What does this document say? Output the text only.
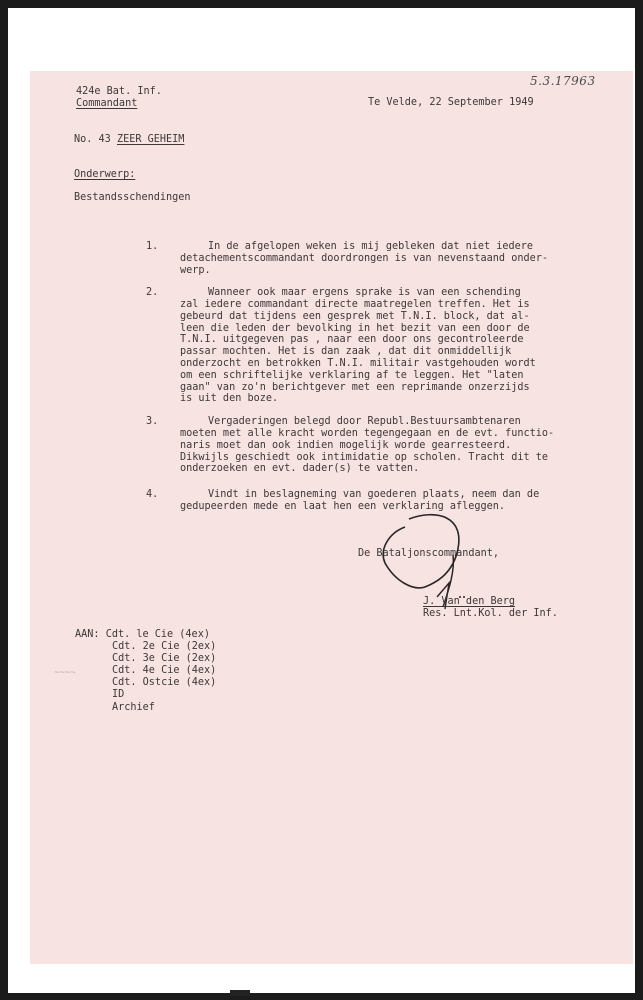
5.3.17963
424e Bat. Inf.
Commandant	Te Velde, 22 September 1949
No. 43 ZEER GEHEIM
Onderwerp:
Bestandsschendingen
1.	In de afgelopen weken is mij gebleken dat niet iedere
detachementscommandant doordrongen is van nevenstaand onder-
werp.
2.	Wanneer ook maar ergens sprake is van een schending
zal iedere commandant directe maatregelen treffen. Het is
gebeurd dat tijdens een gesprek met T.N.I. block, dat al-
leen die leden der bevolking in het bezit van een door de
T.N.I. uitgegeven pas , naar een door ons gecontroleerde
passar mochten. Het is dan zaak , dat dit onmiddellijk
onderzocht en betrokken T.N.I. militair vastgehouden wordt
om een schriftelijke verklaring af te leggen. Het "laten
gaan" van zo'n berichtgever met een reprimande onzerzijds
is uit den boze.
3.	Vergaderingen belegd door Republ.Bestuursambtenaren
moeten met alle kracht worden tegengegaan en de evt. functio-
naris moet dan ook indien mogelijk worde gearresteerd.
Dikwijls geschiedt ook intimidatie op scholen. Tracht dit te
onderzoeken en evt. dader(s) te vatten.
4.	Vindt in beslagneming van goederen plaats, neem dan de
gedupeerden mede en laat hen een verklaring afleggen.
De Bataljonscommandant,
J. Van den Berg
Res. Lnt.Kol. der Inf.
AAN: Cdt. le Cie (4ex)
Cdt. 2e Cie (2ex)
Cdt. 3e Cie (2ex)
Cdt. 4e Cie (4ex)
Cdt. Ostcie (4ex)
ID
Archief
~~~~
